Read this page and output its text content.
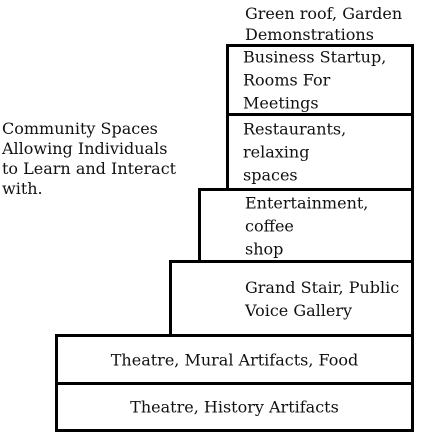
Green roof, Garden
Demonstrations
Community Spaces
Allowing Individuals
to Learn and Interact
with.
Business Startup,
Rooms For Meetings
Restaurants, relaxing
spaces
Entertainment, coffee
shop
Grand Stair, Public
Voice Gallery
Theatre, Mural Artifacts, Food
Theatre, History Artifacts
